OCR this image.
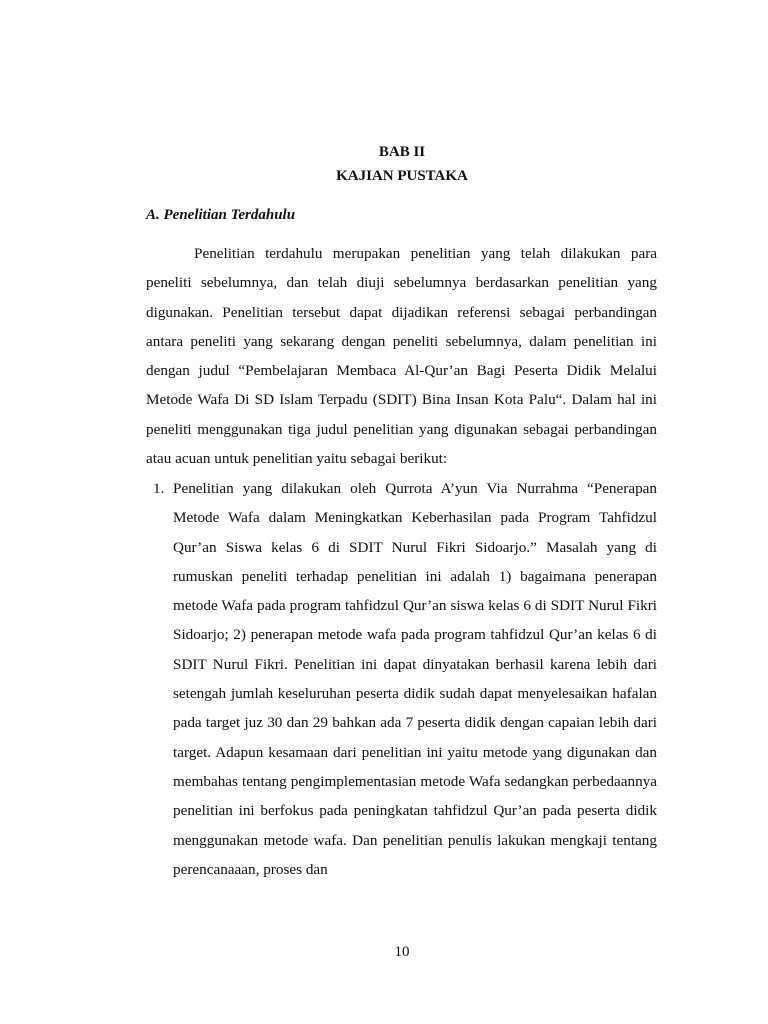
BAB II
KAJIAN PUSTAKA
A. Penelitian Terdahulu

Penelitian terdahulu merupakan penelitian yang telah dilakukan para peneliti sebelumnya, dan telah diuji sebelumnya berdasarkan penelitian yang digunakan. Penelitian tersebut dapat dijadikan referensi sebagai perbandingan antara peneliti yang sekarang dengan peneliti sebelumnya, dalam penelitian ini dengan judul “Pembelajaran Membaca Al-Qur’an Bagi Peserta Didik Melalui Metode Wafa Di SD Islam Terpadu (SDIT) Bina Insan Kota Palu“. Dalam hal ini peneliti menggunakan tiga judul penelitian yang digunakan sebagai perbandingan atau acuan untuk penelitian yaitu sebagai berikut:

1. Penelitian yang dilakukan oleh Qurrota A’yun Via Nurrahma “Penerapan Metode Wafa dalam Meningkatkan Keberhasilan pada Program Tahfidzul Qur’an Siswa kelas 6 di SDIT Nurul Fikri Sidoarjo.” Masalah yang di rumuskan peneliti terhadap penelitian ini adalah 1) bagaimana penerapan metode Wafa pada program tahfidzul Qur’an siswa kelas 6 di SDIT Nurul Fikri Sidoarjo; 2) penerapan metode wafa pada program tahfidzul Qur’an kelas 6 di SDIT Nurul Fikri. Penelitian ini dapat dinyatakan berhasil karena lebih dari setengah jumlah keseluruhan peserta didik sudah dapat menyelesaikan hafalan pada target juz 30 dan 29 bahkan ada 7 peserta didik dengan capaian lebih dari target. Adapun kesamaan dari penelitian ini yaitu metode yang digunakan dan membahas tentang pengimplementasian metode Wafa sedangkan perbedaannya penelitian ini berfokus pada peningkatan tahfidzul Qur’an pada peserta didik menggunakan metode wafa. Dan penelitian penulis lakukan mengkaji tentang perencanaaan, proses dan
10
